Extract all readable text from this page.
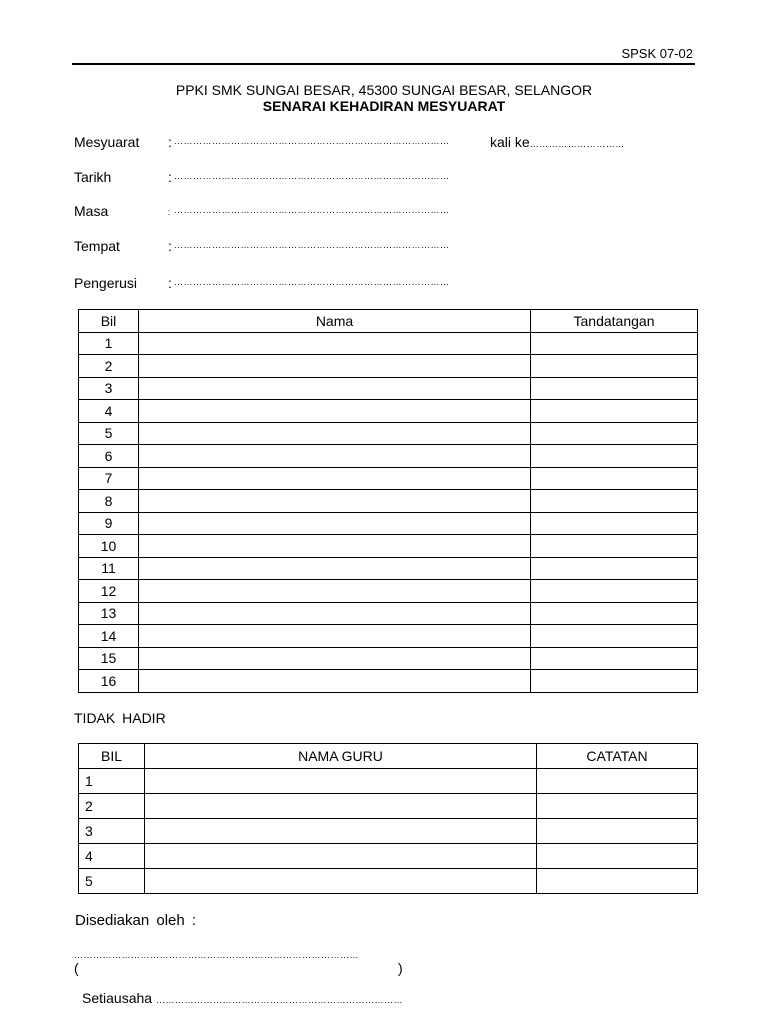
SPSK 07-02
PPKI SMK SUNGAI BESAR, 45300 SUNGAI BESAR, SELANGOR
SENARAI KEHADIRAN MESYUARAT
Mesyuarat : ……………………………………………………………………………	kali ke…………………………
Tarikh	: ……………………………………………………………………………
Masa	: ……………………………………………………………………………
Tempat	: ……………………………………………………………………………
Pengerusi : ……………………………………………………………………………
Bil	Nama	Tandatangan
1		
2		
3		
4		
5		
6		
7		
8		
9		
10		
11		
12		
13		
14		
15		
16		
TIDAK HADIR
BIL	NAMA GURU	CATATAN
1		
2		
3		
4		
5		
Disediakan oleh :
………………………………………………………………………………
(	)
Setiausaha ……………………………………………………………………
